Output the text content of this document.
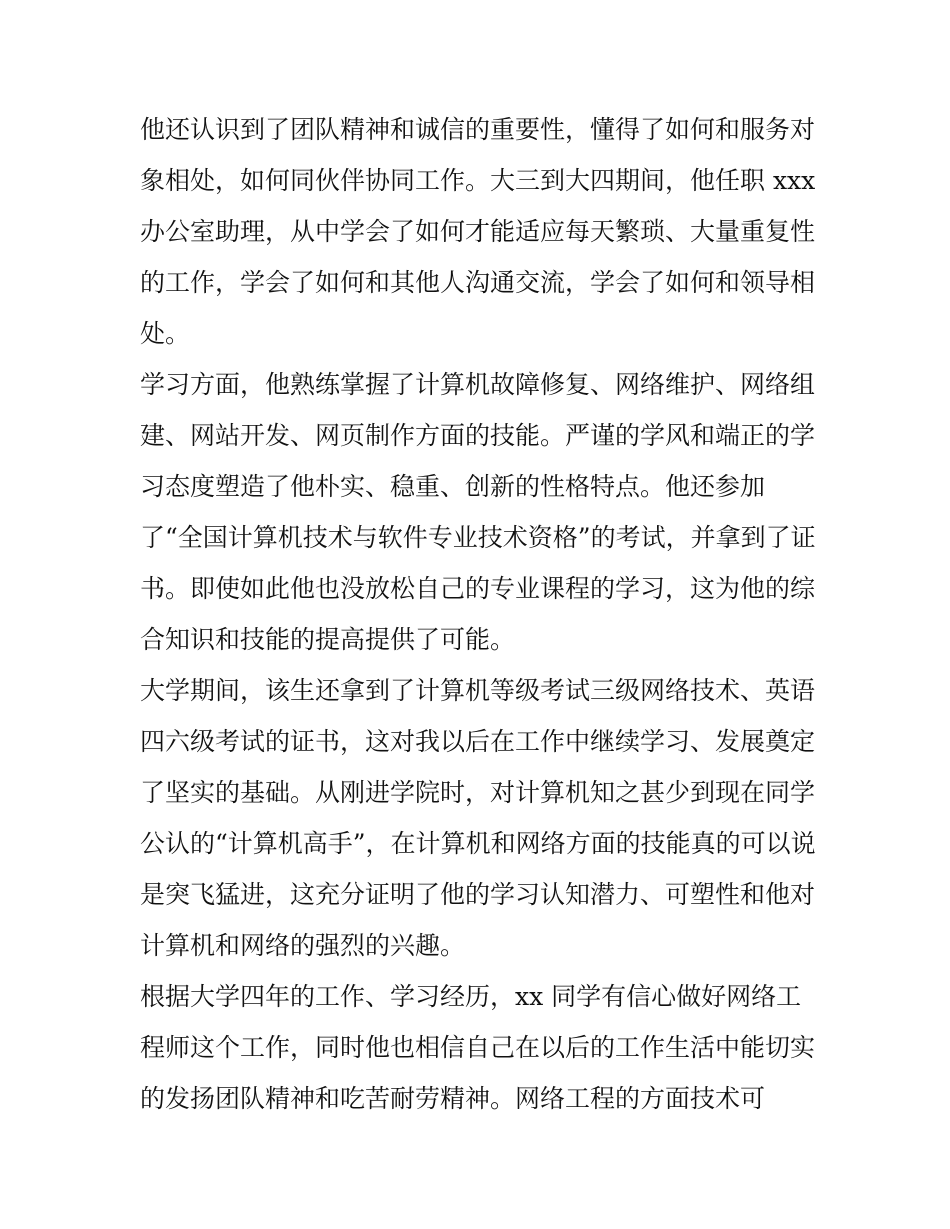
他还认识到了团队精神和诚信的重要性，懂得了如何和服务对
象相处，如何同伙伴协同工作。大三到大四期间，他任职 xxx
办公室助理，从中学会了如何才能适应每天繁琐、大量重复性
的工作，学会了如何和其他人沟通交流，学会了如何和领导相
处。
学习方面，他熟练掌握了计算机故障修复、网络维护、网络组
建、网站开发、网页制作方面的技能。严谨的学风和端正的学
习态度塑造了他朴实、稳重、创新的性格特点。他还参加
了“全国计算机技术与软件专业技术资格”的考试，并拿到了证
书。即使如此他也没放松自己的专业课程的学习，这为他的综
合知识和技能的提高提供了可能。
大学期间，该生还拿到了计算机等级考试三级网络技术、英语
四六级考试的证书，这对我以后在工作中继续学习、发展奠定
了坚实的基础。从刚进学院时，对计算机知之甚少到现在同学
公认的“计算机高手”，在计算机和网络方面的技能真的可以说
是突飞猛进，这充分证明了他的学习认知潜力、可塑性和他对
计算机和网络的强烈的兴趣。
根据大学四年的工作、学习经历，xx 同学有信心做好网络工
程师这个工作，同时他也相信自己在以后的工作生活中能切实
的发扬团队精神和吃苦耐劳精神。网络工程的方面技术可
